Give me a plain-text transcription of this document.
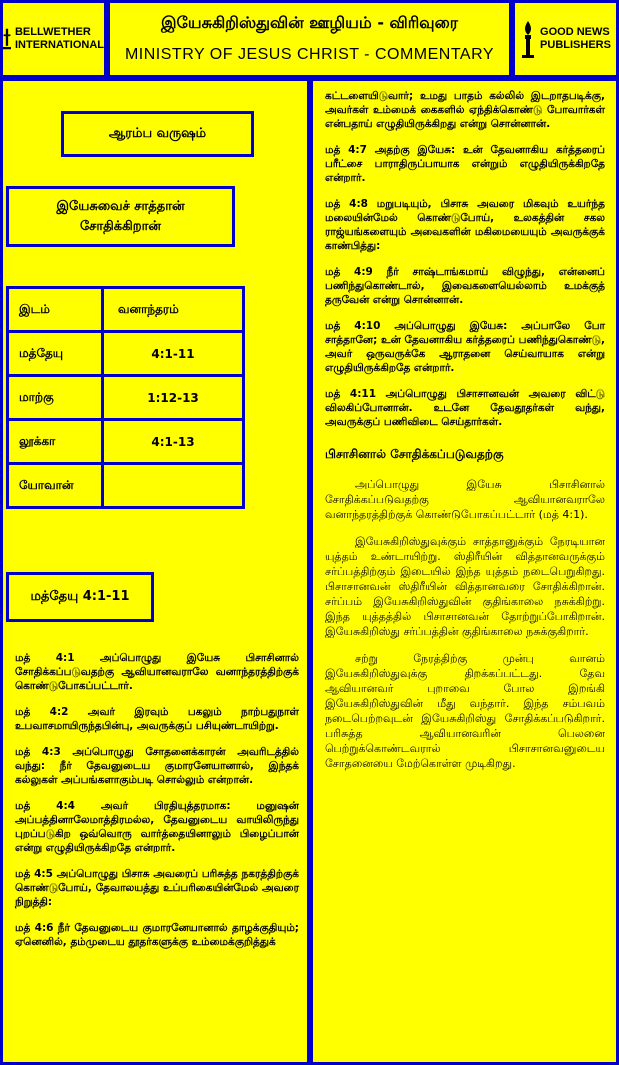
BELLWETHER
INTERNATIONAL
இயேசுகிறிஸ்துவின் ஊழியம் - விரிவுரை
MINISTRY OF JESUS CHRIST - COMMENTARY
GOOD NEWS
PUBLISHERS
ஆரம்ப வருஷம்
இயேசுவைச் சாத்தான்
சோதிக்கிறான்
இடம்	வனாந்தரம்
மத்தேயு	4:1-11
மாற்கு	1:12-13
லூக்கா	4:1-13
யோவான்	
மத்தேயு 4:1-11

மத் 4:1 அப்பொழுது இயேசு பிசாசினால் சோதிக்கப்படுவதற்கு ஆவியானவராலே வனாந்தரத்திற்குக் கொண்டுபோகப்பட்டார்.

மத் 4:2 அவர் இரவும் பகலும் நாற்பதுநாள் உபவாசமாயிருந்தபின்பு, அவருக்குப் பசியுண்டாயிற்று.

மத் 4:3 அப்பொழுது சோதனைக்காரன் அவரிடத்தில் வந்து: நீர் தேவனுடைய குமாரனேயானால், இந்தக் கல்லுகள் அப்பங்களாகும்படி சொல்லும் என்றான்.

மத் 4:4 அவர் பிரதியுத்தரமாக: மனுஷன் அப்பத்தினாலேமாத்திரமல்ல, தேவனுடைய வாயிலிருந்து புறப்படுகிற ஒவ்வொரு வார்த்தையினாலும் பிழைப்பான் என்று எழுதியிருக்கிறதே என்றார்.

மத் 4:5 அப்பொழுது பிசாசு அவரைப் பரிசுத்த நகரத்திற்குக் கொண்டுபோய், தேவாலயத்து உப்பரிகையின்மேல் அவரை நிறுத்தி:

மத் 4:6 நீர் தேவனுடைய குமாரனேயானால் தாழக்குதியும்; ஏனெனில், தம்முடைய தூதர்களுக்கு உம்மைக்குறித்துக்

கட்டளையிடுவார்; உமது பாதம் கல்லில் இடறாதபடிக்கு, அவர்கள் உம்மைக் கைகளில் ஏந்திக்கொண்டு போவார்கள் என்பதாய் எழுதியிருக்கிறது என்று சொன்னான்.

மத் 4:7 அதற்கு இயேசு: உன் தேவனாகிய கர்த்தரைப் பரீட்சை பாராதிருப்பாயாக என்றும் எழுதியிருக்கிறதே என்றார்.

மத் 4:8 மறுபடியும், பிசாசு அவரை மிகவும் உயர்ந்த மலையின்மேல் கொண்டுபோய், உலகத்தின் சகல ராஜ்யங்களையும் அவைகளின் மகிமையையும் அவருக்குக் காண்பித்து:

மத் 4:9 நீர் சாஷ்டாங்கமாய் விழுந்து, என்னைப் பணிந்துகொண்டால், இவைகளையெல்லாம் உமக்குத் தருவேன் என்று சொன்னான்.

மத் 4:10 அப்பொழுது இயேசு: அப்பாலே போ சாத்தானே; உன் தேவனாகிய கர்த்தரைப் பணிந்துகொண்டு, அவர் ஒருவருக்கே ஆராதனை செய்வாயாக என்று எழுதியிருக்கிறதே என்றார்.

மத் 4:11 அப்பொழுது பிசாசானவன் அவரை விட்டு விலகிப்போனான். உடனே தேவதூதர்கள் வந்து, அவருக்குப் பணிவிடை செய்தார்கள்.

பிசாசினால் சோதிக்கப்படுவதற்கு

அப்பொழுது இயேசு பிசாசினால் சோதிக்கப்படுவதற்கு ஆவியானவராலே வனாந்தரத்திற்குக் கொண்டுபோகப்பட்டார் (மத் 4:1).

இயேசுகிறிஸ்துவுக்கும் சாத்தானுக்கும் நேரடியான யுத்தம் உண்டாயிற்று. ஸ்திரீயின் வித்தானவருக்கும் சர்ப்பத்திற்கும் இடையில் இந்த யுத்தம் நடைபெறுகிறது. பிசாசானவன் ஸ்திரீயின் வித்தானவரை சோதிக்கிறான். சர்ப்பம் இயேசுகிறிஸ்துவின் குதிங்காலை நசுக்கிற்று. இந்த யுத்தத்தில் பிசாசானவன் தோற்றுப்போகிறான். இயேசுகிறிஸ்து சர்ப்பத்தின் குதிங்காலை நசுக்குகிறார்.

சற்று நேரத்திற்கு முன்பு வானம் இயேசுகிறிஸ்துவுக்கு திறக்கப்பட்டது. தேவ ஆவியானவர் புறாவை போல இறங்கி இயேசுகிறிஸ்துவின் மீது வந்தார். இந்த சம்பவம் நடைபெற்றவுடன் இயேசுகிறிஸ்து சோதிக்கப்படுகிறார். பரிசுத்த ஆவியானவரின் பெலனை பெற்றுக்கொண்டவரால் பிசாசானவனுடைய சோதனையை மேற்கொள்ள முடிகிறது.
